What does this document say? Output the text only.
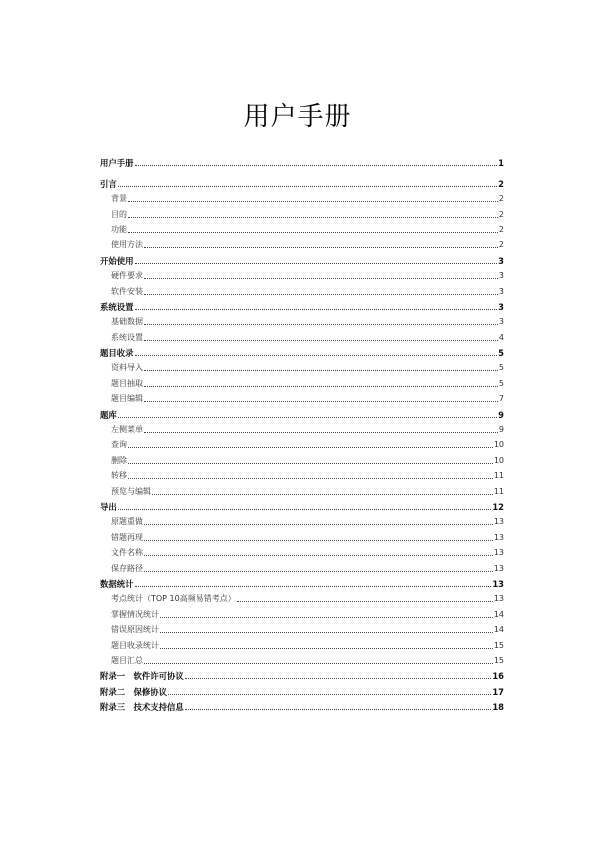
用户手册
用户手册	1
引言	2
背景	2
目的	2
功能	2
使用方法	2
开始使用	3
硬件要求	3
软件安装	3
系统设置	3
基础数据	3
系统设置	4
题目收录	5
资料导入	5
题目抽取	5
题目编辑	7
题库	9
左侧菜单	9
查询	10
删除	10
转移	11
预览与编辑	11
导出	12
原题重做	13
错题再现	13
文件名称	13
保存路径	13
数据统计	13
考点统计（TOP 10高频易错考点）	13
掌握情况统计	14
错误原因统计	14
题目收录统计	15
题目汇总	15
附录一　软件许可协议	16
附录二　保修协议	17
附录三　技术支持信息	18
